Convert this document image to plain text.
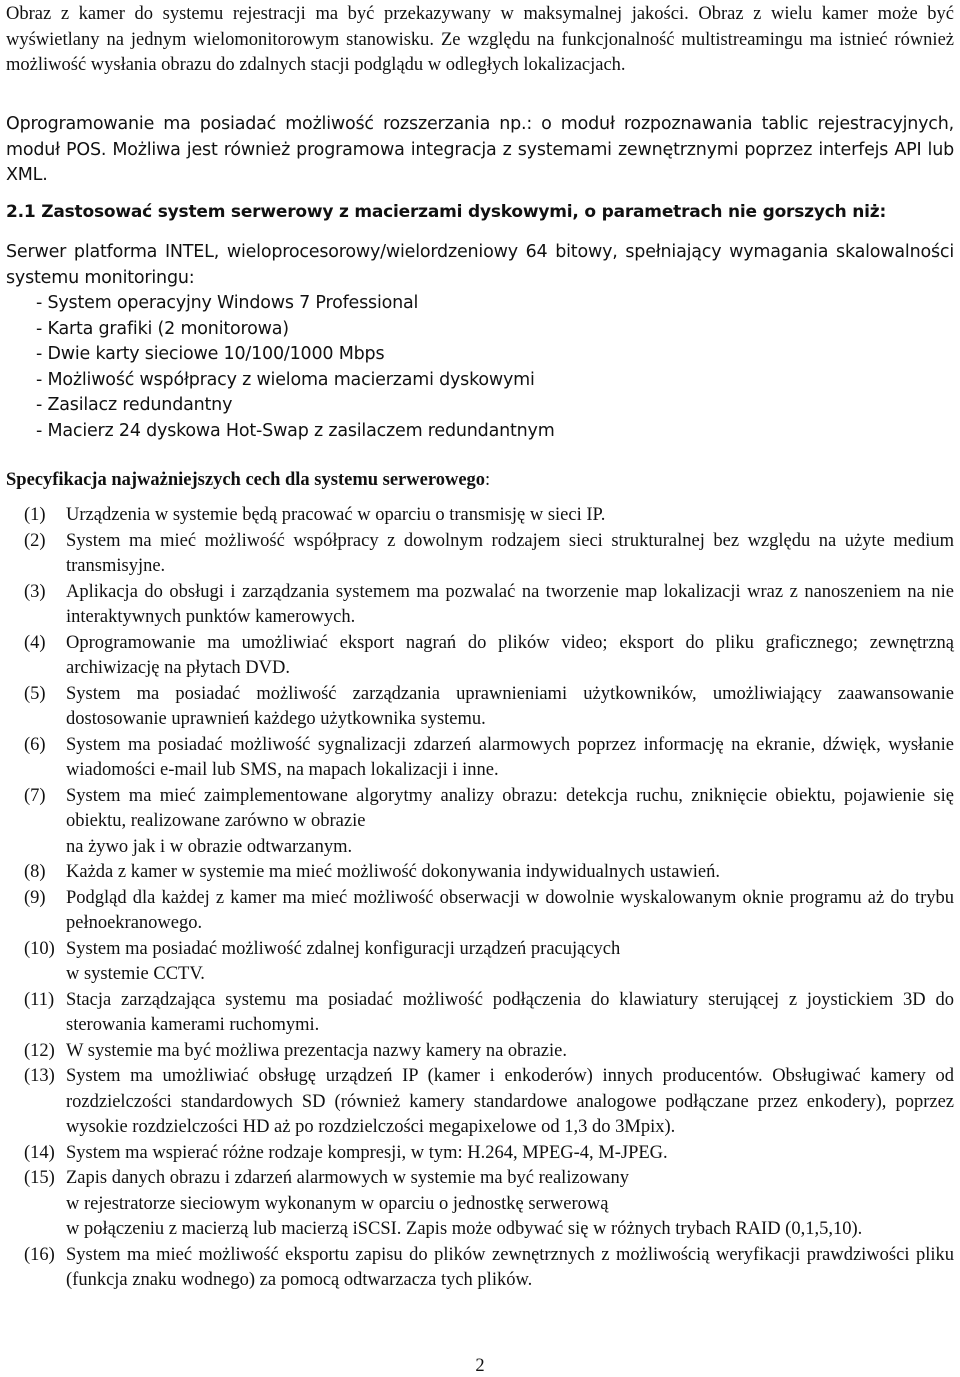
Obraz z kamer do systemu rejestracji ma być przekazywany w maksymalnej jakości. Obraz z wielu kamer może być wyświetlany na jednym wielomonitorowym stanowisku. Ze względu na funkcjonalność multistreamingu ma istnieć również możliwość wysłania obrazu do zdalnych stacji podglądu w odległych lokalizacjach.
Oprogramowanie ma posiadać możliwość rozszerzania np.: o moduł rozpoznawania tablic rejestracyjnych, moduł POS. Możliwa jest również programowa integracja z systemami zewnętrznymi poprzez interfejs API lub XML.
2.1 Zastosować system serwerowy z macierzami dyskowymi, o parametrach nie gorszych niż:
Serwer platforma INTEL, wieloprocesorowy/wielordzeniowy 64 bitowy, spełniający wymagania skalowalności systemu monitoringu:
- System operacyjny Windows 7 Professional
- Karta grafiki (2 monitorowa)
- Dwie karty sieciowe 10/100/1000 Mbps
- Możliwość współpracy z wieloma macierzami dyskowymi
- Zasilacz redundantny
- Macierz 24 dyskowa Hot-Swap z zasilaczem redundantnym
Specyfikacja najważniejszych cech dla systemu serwerowego:
(1)	Urządzenia w systemie będą pracować w oparciu o transmisję w sieci IP.
(2)	System ma mieć możliwość współpracy z dowolnym rodzajem sieci strukturalnej bez względu na użyte medium transmisyjne.
(3)	Aplikacja do obsługi i zarządzania systemem ma pozwalać na tworzenie map lokalizacji wraz z nanoszeniem na nie interaktywnych punktów kamerowych.
(4)	Oprogramowanie ma umożliwiać eksport nagrań do plików video; eksport do pliku graficznego; zewnętrzną archiwizację na płytach DVD.
(5)	System ma posiadać możliwość zarządzania uprawnieniami użytkowników, umożliwiający zaawansowanie dostosowanie uprawnień każdego użytkownika systemu.
(6)	System ma posiadać możliwość sygnalizacji zdarzeń alarmowych poprzez informację na ekranie, dźwięk, wysłanie wiadomości e-mail lub SMS, na mapach lokalizacji i inne.
(7)	System ma mieć zaimplementowane algorytmy analizy obrazu: detekcja ruchu, zniknięcie obiektu, pojawienie się obiektu, realizowane zarówno w obrazie
na żywo jak i w obrazie odtwarzanym.
(8)	Każda z kamer w systemie ma mieć możliwość dokonywania indywidualnych ustawień.
(9)	Podgląd dla każdej z kamer ma mieć możliwość obserwacji w dowolnie wyskalowanym oknie programu aż do trybu pełnoekranowego.
(10) System ma posiadać możliwość zdalnej konfiguracji urządzeń pracujących
w systemie CCTV.
(11) Stacja zarządzająca systemu ma posiadać możliwość podłączenia do klawiatury sterującej z joystickiem 3D do sterowania kamerami ruchomymi.
(12) W systemie ma być możliwa prezentacja nazwy kamery na obrazie.
(13) System ma umożliwiać obsługę urządzeń IP (kamer i enkoderów) innych producentów. Obsługiwać kamery od rozdzielczości standardowych SD (również kamery standardowe analogowe podłączane przez enkodery), poprzez wysokie rozdzielczości HD aż po rozdzielczości megapixelowe od 1,3 do 3Mpix).
(14) System ma wspierać różne rodzaje kompresji, w tym: H.264, MPEG-4, M-JPEG.
(15) Zapis danych obrazu i zdarzeń alarmowych w systemie ma być realizowany
w rejestratorze sieciowym wykonanym w oparciu o jednostkę serwerową
w połączeniu z macierzą lub macierzą iSCSI. Zapis może odbywać się w różnych trybach RAID (0,1,5,10).
(16) System ma mieć możliwość eksportu zapisu do plików zewnętrznych z możliwością weryfikacji prawdziwości pliku (funkcja znaku wodnego) za pomocą odtwarzacza tych plików.
2
